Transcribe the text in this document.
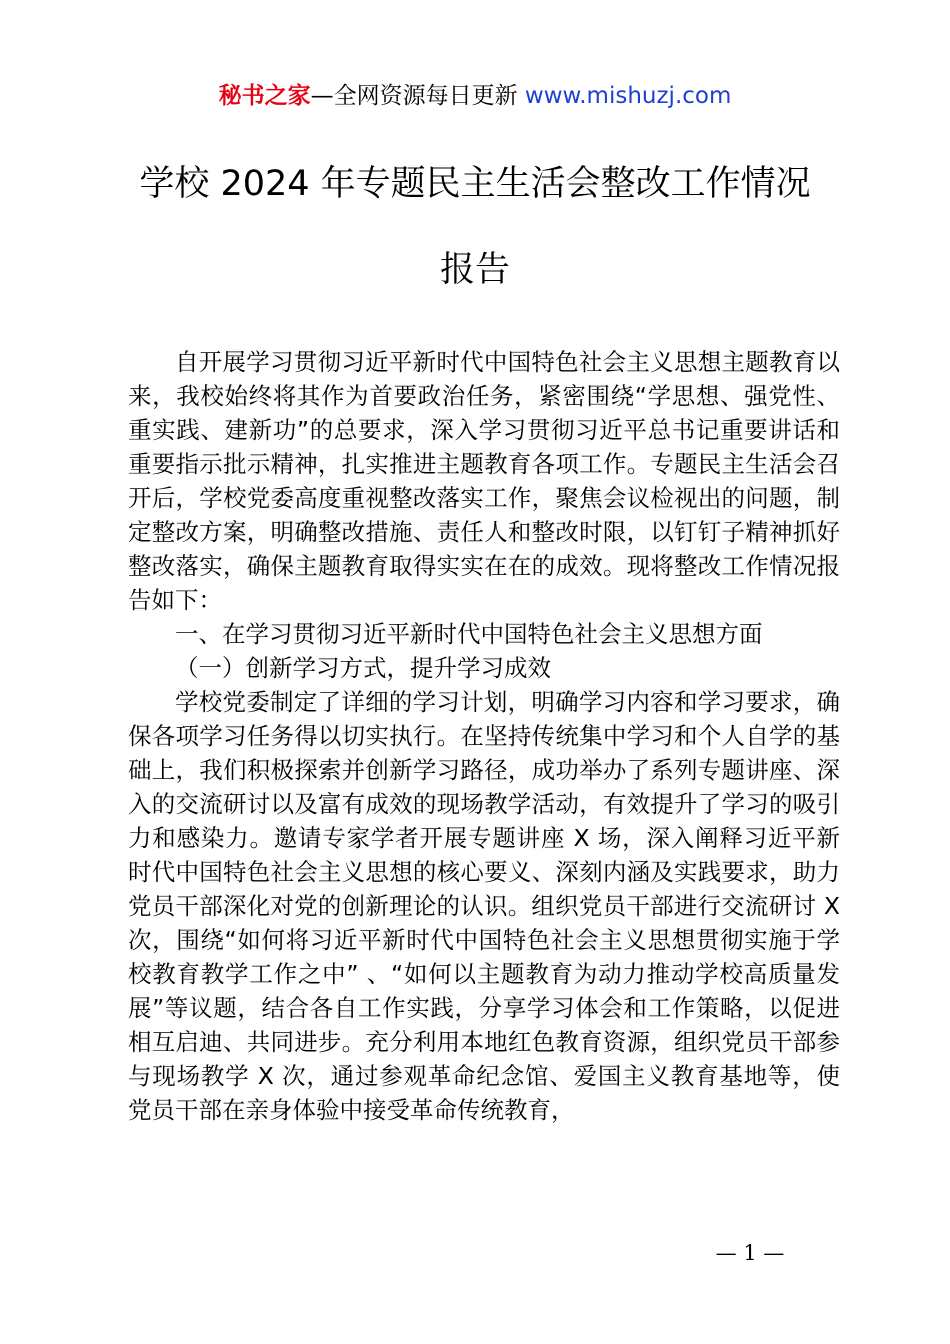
秘书之家—全网资源每日更新 www.mishuzj.com
学校 2024 年专题民主生活会整改工作情况
报告

自开展学习贯彻习近平新时代中国特色社会主义思想主题教育以来，我校始终将其作为首要政治任务，紧密围绕“学思想、强党性、重实践、建新功”的总要求，深入学习贯彻习近平总书记重要讲话和重要指示批示精神，扎实推进主题教育各项工作。专题民主生活会召开后，学校党委高度重视整改落实工作，聚焦会议检视出的问题，制定整改方案，明确整改措施、责任人和整改时限，以钉钉子精神抓好整改落实，确保主题教育取得实实在在的成效。现将整改工作情况报告如下：

一、在学习贯彻习近平新时代中国特色社会主义思想方面

（一）创新学习方式，提升学习成效

学校党委制定了详细的学习计划，明确学习内容和学习要求，确保各项学习任务得以切实执行。在坚持传统集中学习和个人自学的基础上，我们积极探索并创新学习路径，成功举办了系列专题讲座、深入的交流研讨以及富有成效的现场教学活动，有效提升了学习的吸引力和感染力。邀请专家学者开展专题讲座 X 场，深入阐释习近平新时代中国特色社会主义思想的核心要义、深刻内涵及实践要求，助力党员干部深化对党的创新理论的认识。组织党员干部进行交流研讨 X 次，围绕“如何将习近平新时代中国特色社会主义思想贯彻实施于学校教育教学工作之中” 、“如何以主题教育为动力推动学校高质量发展”等议题，结合各自工作实践，分享学习体会和工作策略，以促进相互启迪、共同进步。充分利用本地红色教育资源，组织党员干部参与现场教学 X 次，通过参观革命纪念馆、爱国主义教育基地等，使党员干部在亲身体验中接受革命传统教育，

— 1 —
